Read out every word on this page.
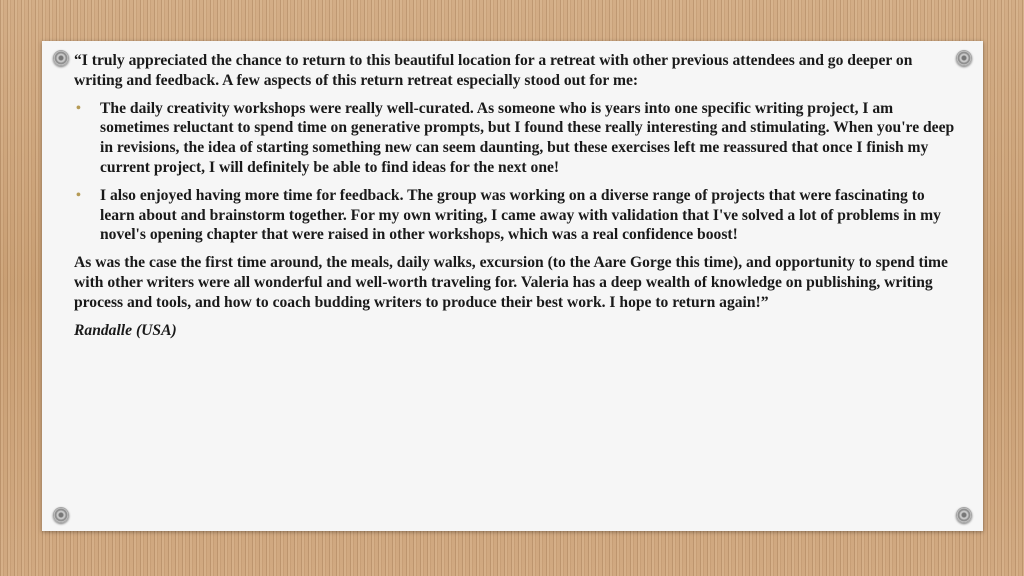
“I truly appreciated the chance to return to this beautiful location for a retreat with other previous attendees and go deeper on writing and feedback. A few aspects of this return retreat especially stood out for me:

• The daily creativity workshops were really well-curated. As someone who is years into one specific writing project, I am sometimes reluctant to spend time on generative prompts, but I found these really interesting and stimulating. When you're deep in revisions, the idea of starting something new can seem daunting, but these exercises left me reassured that once I finish my current project, I will definitely be able to find ideas for the next one!
• I also enjoyed having more time for feedback. The group was working on a diverse range of projects that were fascinating to learn about and brainstorm together. For my own writing, I came away with validation that I've solved a lot of problems in my novel's opening chapter that were raised in other workshops, which was a real confidence boost!

As was the case the first time around, the meals, daily walks, excursion (to the Aare Gorge this time), and opportunity to spend time with other writers were all wonderful and well-worth traveling for. Valeria has a deep wealth of knowledge on publishing, writing process and tools, and how to coach budding writers to produce their best work. I hope to return again!”

Randalle (USA)
